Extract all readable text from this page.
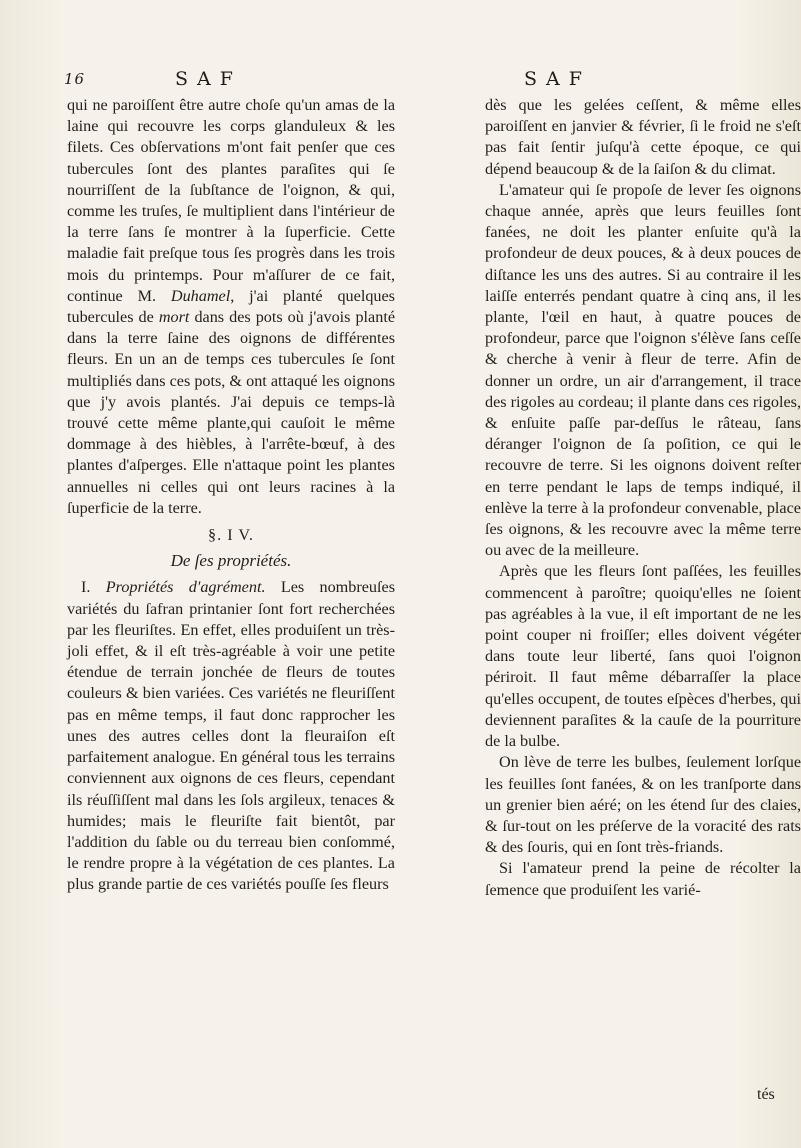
16	SAF	SAF

qui ne paroiſſent être autre choſe qu'un amas de la laine qui recouvre les corps glanduleux & les filets. Ces obſervations m'ont fait penſer que ces tubercules ſont des plantes paraſites qui ſe nourriſſent de la ſubſtance de l'oignon, & qui, comme les truſes, ſe multiplient dans l'intérieur de la terre ſans ſe montrer à la ſuperficie. Cette maladie fait preſque tous ſes progrès dans les trois mois du printemps. Pour m'aſſurer de ce fait, continue M. Duhamel, j'ai planté quelques tubercules de mort dans des pots où j'avois planté dans la terre ſaine des oignons de différentes fleurs. En un an de temps ces tubercules ſe ſont multipliés dans ces pots, & ont attaqué les oignons que j'y avois plantés. J'ai depuis ce temps-là trouvé cette même plante,qui cauſoit le même dommage à des hièbles, à l'arrête-bœuf, à des plantes d'aſperges. Elle n'attaque point les plantes annuelles ni celles qui ont leurs racines à la ſuperficie de la terre.

§. I V.
De ſes propriétés.

I. Propriétés d'agrément. Les nombreuſes variétés du ſafran printanier ſont fort recherchées par les fleuriſtes. En effet, elles produiſent un très-joli effet, & il eſt très-agréable à voir une petite étendue de terrain jonchée de fleurs de toutes couleurs & bien variées. Ces variétés ne fleuriſſent pas en même temps, il faut donc rapprocher les unes des autres celles dont la fleuraiſon eſt parfaitement analogue. En général tous les terrains conviennent aux oignons de ces fleurs, cependant ils réuſſiſſent mal dans les ſols argileux, tenaces & humides; mais le fleuriſte fait bientôt, par l'addition du ſable ou du terreau bien conſommé, le rendre propre à la végétation de ces plantes. La plus grande partie de ces variétés pouſſe ſes fleurs

dès que les gelées ceſſent, & même elles paroiſſent en janvier & février, ſi le froid ne s'eſt pas fait ſentir juſqu'à cette époque, ce qui dépend beaucoup & de la ſaiſon & du climat.

L'amateur qui ſe propoſe de lever ſes oignons chaque année, après que leurs feuilles ſont fanées, ne doit les planter enſuite qu'à la profondeur de deux pouces, & à deux pouces de diſtance les uns des autres. Si au contraire il les laiſſe enterrés pendant quatre à cinq ans, il les plante, l'œil en haut, à quatre pouces de profondeur, parce que l'oignon s'élève ſans ceſſe & cherche à venir à fleur de terre. Afin de donner un ordre, un air d'arrangement, il trace des rigoles au cordeau; il plante dans ces rigoles, & enſuite paſſe par-deſſus le râteau, ſans déranger l'oignon de ſa poſition, ce qui le recouvre de terre. Si les oignons doivent reſter en terre pendant le laps de temps indiqué, il enlève la terre à la profondeur convenable, place ſes oignons, & les recouvre avec la même terre ou avec de la meilleure.

Après que les fleurs ſont paſſées, les feuilles commencent à paroître; quoiqu'elles ne ſoient pas agréables à la vue, il eſt important de ne les point couper ni froiſſer; elles doivent végéter dans toute leur liberté, ſans quoi l'oignon périroit. Il faut même débarraſſer la place qu'elles occupent, de toutes eſpèces d'herbes, qui deviennent paraſites & la cauſe de la pourriture de la bulbe.

On lève de terre les bulbes, ſeulement lorſque les feuilles ſont fanées, & on les tranſporte dans un grenier bien aéré; on les étend ſur des claies, & ſur-tout on les préſerve de la voracité des rats & des ſouris, qui en ſont très-friands.

Si l'amateur prend la peine de récolter la ſemence que produiſent les varié-

tés
